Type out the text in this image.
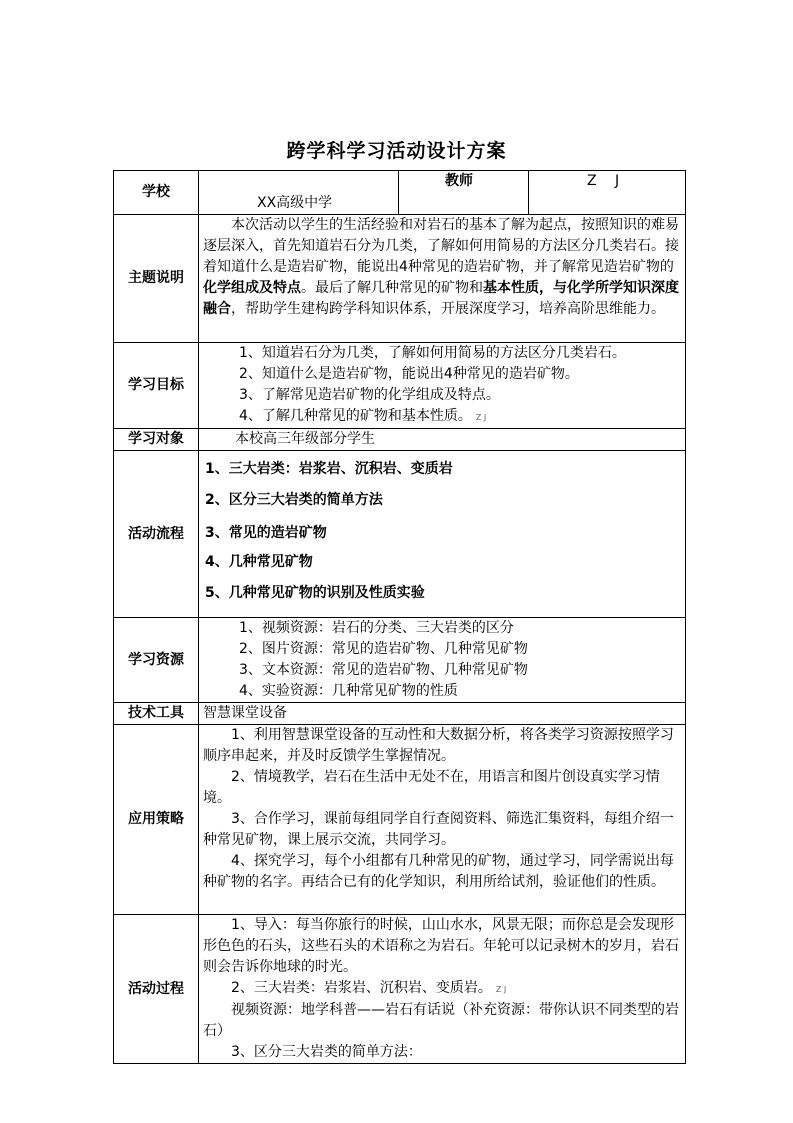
跨学科学习活动设计方案
学校	XX高级中学	教师	Z J
主题说明	本次活动以学生的生活经验和对岩石的基本了解为起点，按照知识的难易逐层深入，首先知道岩石分为几类，了解如何用简易的方法区分几类岩石。接着知道什么是造岩矿物，能说出4种常见的造岩矿物，并了解常见造岩矿物的化学组成及特点。最后了解几种常见的矿物和基本性质，与化学所学知识深度融合，帮助学生建构跨学科知识体系，开展深度学习，培养高阶思维能力。		

学习目标	1、知道岩石分为几类，了解如何用简易的方法区分几类岩石。

2、知道什么是造岩矿物，能说出4种常见的造岩矿物。

3、了解常见造岩矿物的化学组成及特点。

4、了解几种常见的矿物和基本性质。 Z J		

学习对象	本校高三年级部分学生		
活动流程	1、三大岩类：岩浆岩、沉积岩、变质岩

2、区分三大岩类的简单方法

3、常见的造岩矿物

4、几种常见矿物

5、几种常见矿物的识别及性质实验		

学习资源	1、视频资源：岩石的分类、三大岩类的区分

2、图片资源：常见的造岩矿物、几种常见矿物

3、文本资源：常见的造岩矿物、几种常见矿物

4、实验资源：几种常见矿物的性质		

技术工具	智慧课堂设备		
应用策略	1、利用智慧课堂设备的互动性和大数据分析，将各类学习资源按照学习顺序串起来，并及时反馈学生掌握情况。

2、情境教学，岩石在生活中无处不在，用语言和图片创设真实学习情境。

3、合作学习，课前每组同学自行查阅资料、筛选汇集资料，每组介绍一种常见矿物，课上展示交流，共同学习。

4、探究学习，每个小组都有几种常见的矿物，通过学习，同学需说出每种矿物的名字。再结合已有的化学知识，利用所给试剂，验证他们的性质。		

活动过程	1、导入：每当你旅行的时候，山山水水，风景无限；而你总是会发现形形色色的石头，这些石头的术语称之为岩石。年轮可以记录树木的岁月，岩石则会告诉你地球的时光。

2、三大岩类：岩浆岩、沉积岩、变质岩。 Z J

视频资源：地学科普——岩石有话说（补充资源：带你认识不同类型的岩石）

3、区分三大岩类的简单方法：		
